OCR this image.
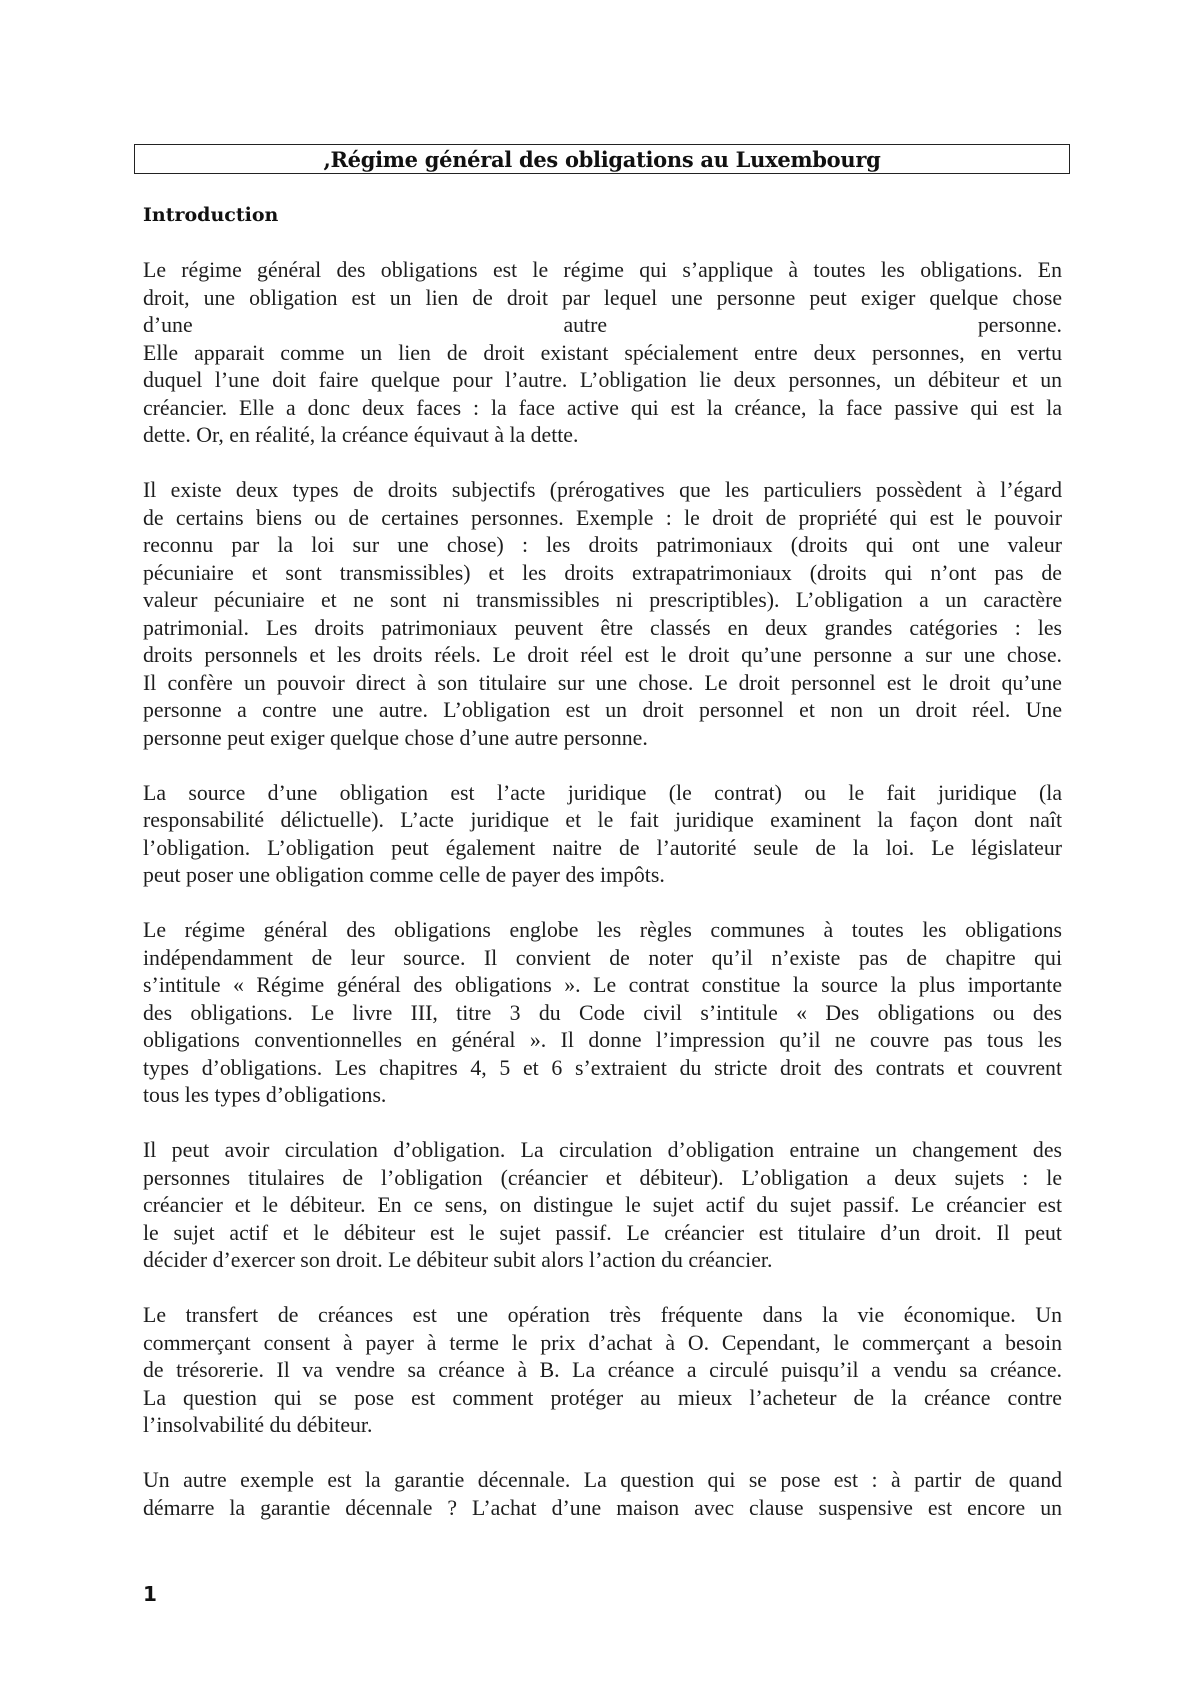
,Régime général des obligations au Luxembourg
Introduction
Le régime général des obligations est le régime qui s’applique à toutes les obligations. En
droit, une obligation est un lien de droit par lequel une personne peut exiger quelque chose
d’une autre personne.
Elle apparait comme un lien de droit existant spécialement entre deux personnes, en vertu
duquel l’une doit faire quelque pour l’autre. L’obligation lie deux personnes, un débiteur et un
créancier. Elle a donc deux faces : la face active qui est la créance, la face passive qui est la
dette. Or, en réalité, la créance équivaut à la dette.
Il existe deux types de droits subjectifs (prérogatives que les particuliers possèdent à l’égard
de certains biens ou de certaines personnes. Exemple : le droit de propriété qui est le pouvoir
reconnu par la loi sur une chose) : les droits patrimoniaux (droits qui ont une valeur
pécuniaire et sont transmissibles) et les droits extrapatrimoniaux (droits qui n’ont pas de
valeur pécuniaire et ne sont ni transmissibles ni prescriptibles). L’obligation a un caractère
patrimonial. Les droits patrimoniaux peuvent être classés en deux grandes catégories : les
droits personnels et les droits réels. Le droit réel est le droit qu’une personne a sur une chose.
Il confère un pouvoir direct à son titulaire sur une chose. Le droit personnel est le droit qu’une
personne a contre une autre. L’obligation est un droit personnel et non un droit réel. Une
personne peut exiger quelque chose d’une autre personne.
La source d’une obligation est l’acte juridique (le contrat) ou le fait juridique (la
responsabilité délictuelle). L’acte juridique et le fait juridique examinent la façon dont naît
l’obligation. L’obligation peut également naitre de l’autorité seule de la loi. Le législateur
peut poser une obligation comme celle de payer des impôts.
Le régime général des obligations englobe les règles communes à toutes les obligations
indépendamment de leur source. Il convient de noter qu’il n’existe pas de chapitre qui
s’intitule « Régime général des obligations ». Le contrat constitue la source la plus importante
des obligations. Le livre III, titre 3 du Code civil s’intitule « Des obligations ou des
obligations conventionnelles en général ». Il donne l’impression qu’il ne couvre pas tous les
types d’obligations. Les chapitres 4, 5 et 6 s’extraient du stricte droit des contrats et couvrent
tous les types d’obligations.
Il peut avoir circulation d’obligation. La circulation d’obligation entraine un changement des
personnes titulaires de l’obligation (créancier et débiteur). L’obligation a deux sujets : le
créancier et le débiteur. En ce sens, on distingue le sujet actif du sujet passif. Le créancier est
le sujet actif et le débiteur est le sujet passif. Le créancier est titulaire d’un droit. Il peut
décider d’exercer son droit. Le débiteur subit alors l’action du créancier.
Le transfert de créances est une opération très fréquente dans la vie économique. Un
commerçant consent à payer à terme le prix d’achat à O. Cependant, le commerçant a besoin
de trésorerie. Il va vendre sa créance à B. La créance a circulé puisqu’il a vendu sa créance.
La question qui se pose est comment protéger au mieux l’acheteur de la créance contre
l’insolvabilité du débiteur.
Un autre exemple est la garantie décennale. La question qui se pose est : à partir de quand
démarre la garantie décennale ? L’achat d’une maison avec clause suspensive est encore un
1
